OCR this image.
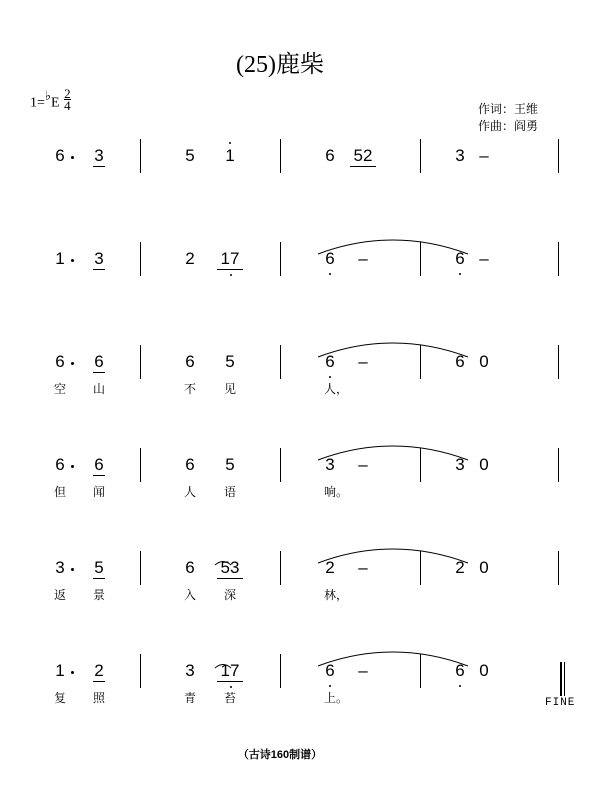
(25)鹿柴
1=♭E $\frac{2}{4}$	作词：王维
作曲：阎勇
6	3	5	1	6	52	3 –
1	3	2	17	6	–	6 –
6	6	6	5	6	–	6 0
空 山	不 见	人，
6	6	6	5	3	–	3 0
但 闻	人 语	响。
3	5	6	53	2	–	2 0
返 景	入 深	林，
1	2	3	17	6	–	6 0
复 照	青 苔	上。	FINE
（古诗160制谱）
